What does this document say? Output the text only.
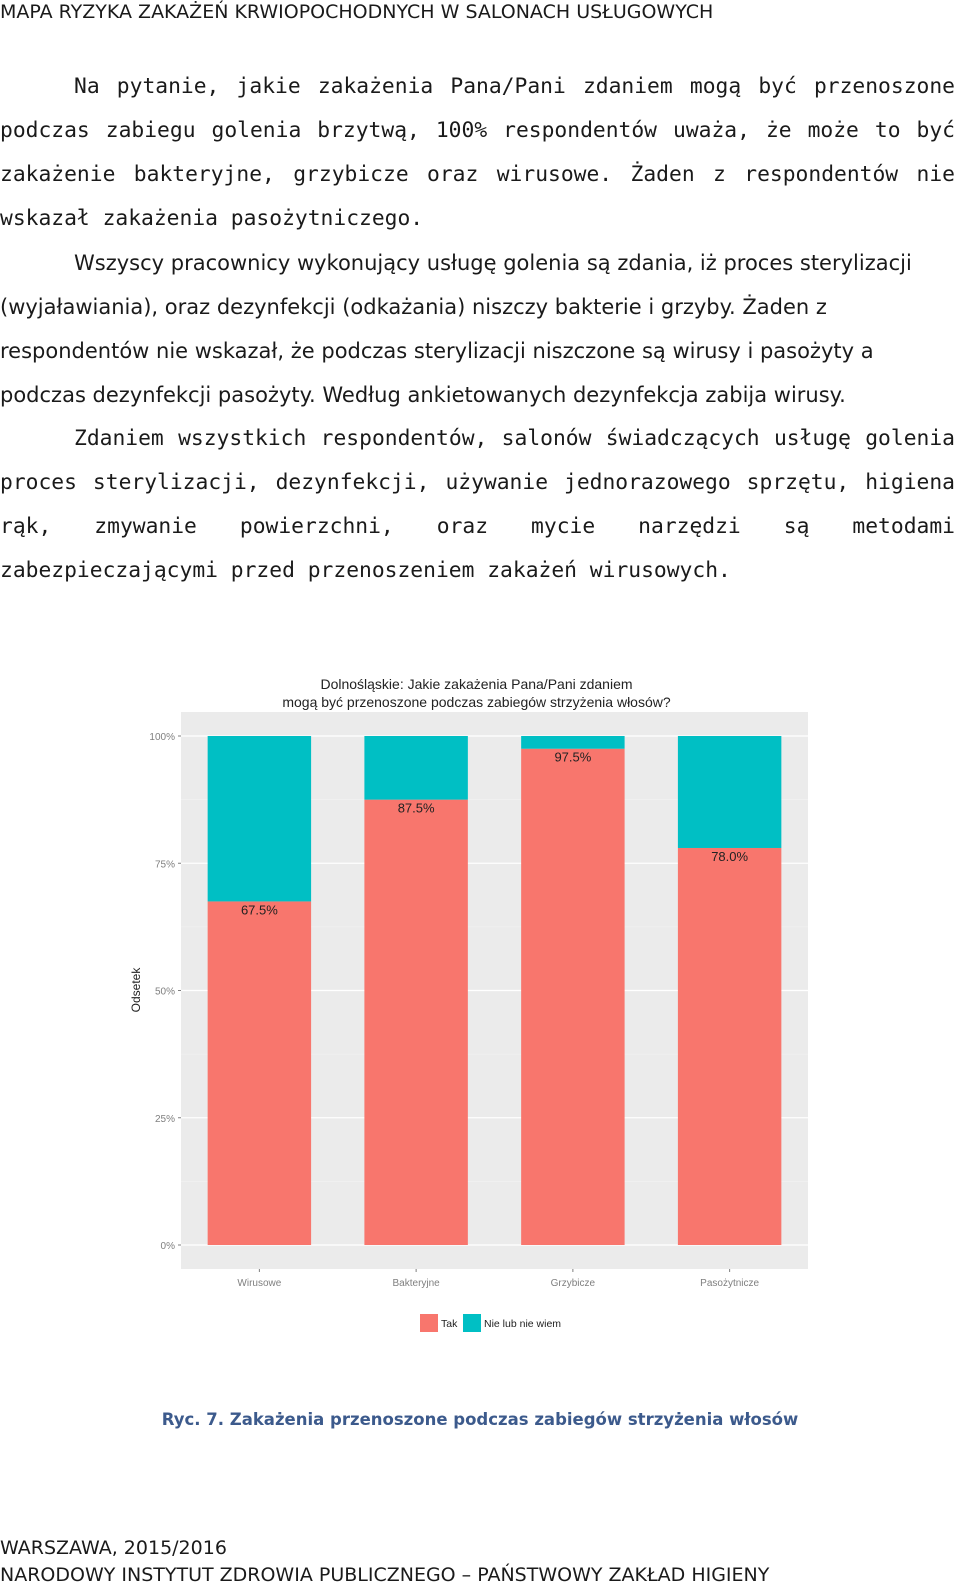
MAPA RYZYKA ZAKAŻEŃ KRWIOPOCHODNYCH W SALONACH USŁUGOWYCH

Na pytanie, jakie zakażenia Pana/Pani zdaniem mogą być przenoszone podczas zabiegu golenia brzytwą, 100% respondentów uważa, że może to być zakażenie bakteryjne, grzybicze oraz wirusowe. Żaden z respondentów nie wskazał zakażenia pasożytniczego.

Wszyscy pracownicy wykonujący usługę golenia są zdania, iż proces sterylizacji (wyjaławiania), oraz dezynfekcji (odkażania) niszczy bakterie i grzyby. Żaden z respondentów nie wskazał, że podczas sterylizacji niszczone są wirusy i pasożyty a podczas dezynfekcji pasożyty. Według ankietowanych dezynfekcja zabija wirusy.

Zdaniem wszystkich respondentów, salonów świadczących usługę golenia proces sterylizacji, dezynfekcji, używanie jednorazowego sprzętu, higiena rąk, zmywanie powierzchni, oraz mycie narzędzi są metodami zabezpieczającymi przed przenoszeniem zakażeń wirusowych.

Dolnośląskie: Jakie zakażenia Pana/Pani zdaniem
mogą być przenoszone podczas zabiegów strzyżenia włosów?
0%
25%
50%
75%
100%
Odsetek
67.5%
Wirusowe
87.5%
Bakteryjne
97.5%
Grzybicze
78.0%
Pasożytnicze
Tak	Nie lub nie wiem
Ryc. 7. Zakażenia przenoszone podczas zabiegów strzyżenia włosów
WARSZAWA, 2015/2016
NARODOWY INSTYTUT ZDROWIA PUBLICZNEGO – PAŃSTWOWY ZAKŁAD HIGIENY
